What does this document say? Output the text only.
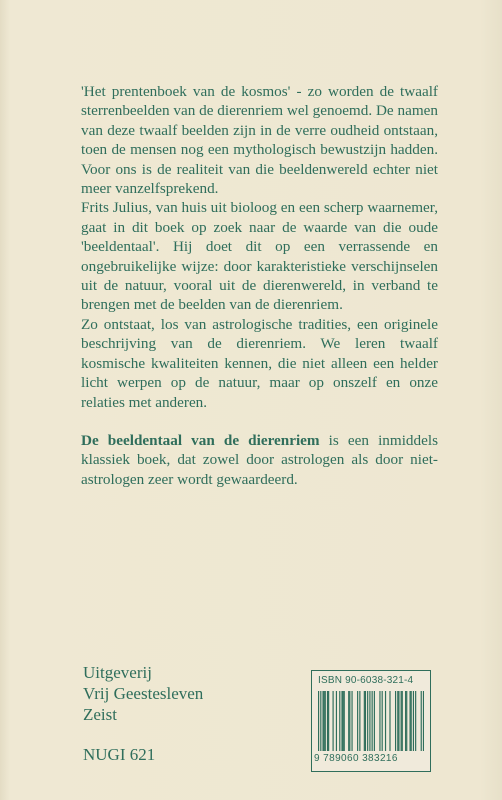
'Het prentenboek van de kosmos' - zo worden de twaalf sterrenbeelden van de dierenriem wel genoemd. De namen van deze twaalf beelden zijn in de verre oudheid ontstaan, toen de mensen nog een mythologisch bewustzijn hadden. Voor ons is de realiteit van die beeldenwereld echter niet meer vanzelfsprekend.

Frits Julius, van huis uit bioloog en een scherp waarnemer, gaat in dit boek op zoek naar de waarde van die oude 'beeldentaal'. Hij doet dit op een verrassende en ongebruikelijke wijze: door karakteristieke verschijnselen uit de natuur, vooral uit de dierenwereld, in verband te brengen met de beelden van de dierenriem.

Zo ontstaat, los van astrologische tradities, een originele beschrijving van de dierenriem. We leren twaalf kosmische kwaliteiten kennen, die niet alleen een helder licht werpen op de natuur, maar op onszelf en onze relaties met anderen.

De beeldentaal van de dierenriem is een inmiddels klassiek boek, dat zowel door astrologen als door niet-astrologen zeer wordt gewaardeerd.

Uitgeverij
Vrij Geestesleven
Zeist
NUGI 621
ISBN 90-6038-321-4
9 789060 383216
